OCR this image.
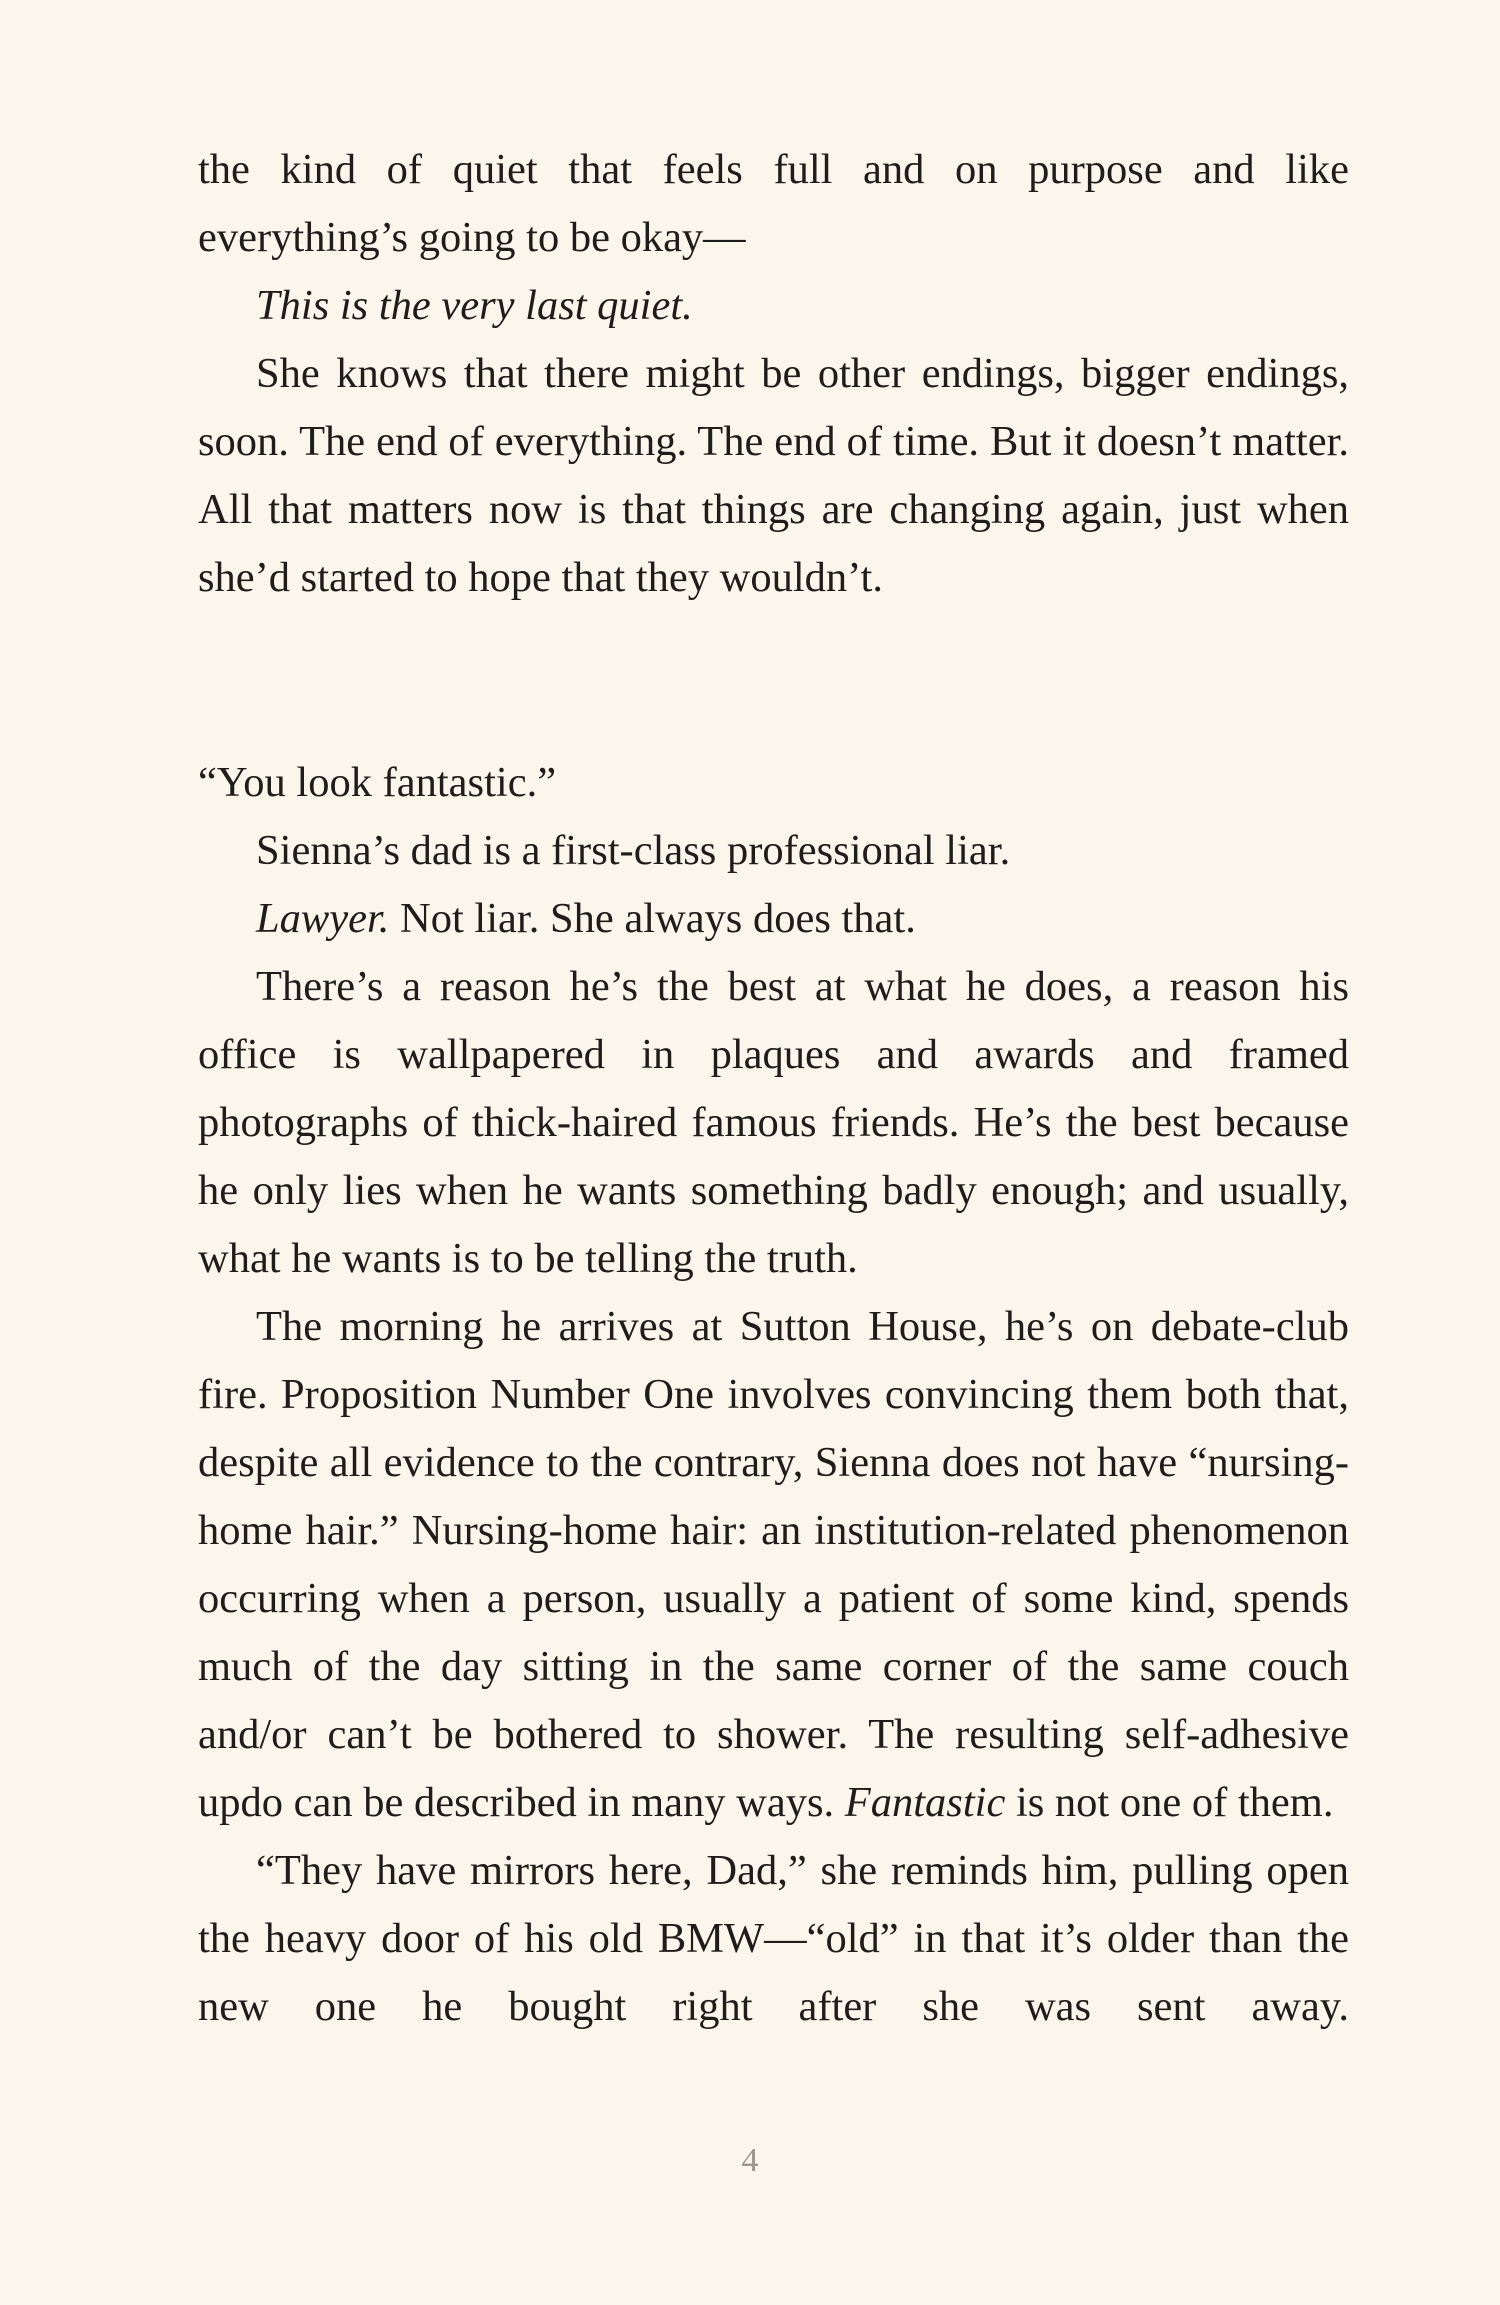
the kind of quiet that feels full and on purpose and like everything’s going to be okay—

This is the very last quiet.

She knows that there might be other endings, bigger endings, soon. The end of everything. The end of time. But it doesn’t matter. All that matters now is that things are changing again, just when she’d started to hope that they wouldn’t.

“You look fantastic.”

Sienna’s dad is a first-class professional liar.

Lawyer. Not liar. She always does that.

There’s a reason he’s the best at what he does, a reason his office is wallpapered in plaques and awards and framed photographs of thick-haired famous friends. He’s the best because he only lies when he wants something badly enough; and usually, what he wants is to be telling the truth.

The morning he arrives at Sutton House, he’s on debate-club fire. Proposition Number One involves convincing them both that, despite all evidence to the contrary, Sienna does not have “nursing-home hair.” Nursing-home hair: an institution-related phenomenon occurring when a person, usually a patient of some kind, spends much of the day sitting in the same corner of the same couch and/or can’t be bothered to shower. The resulting self-adhesive updo can be described in many ways. Fantastic is not one of them.

“They have mirrors here, Dad,” she reminds him, pulling open the heavy door of his old BMW—“old” in that it’s older than the new one he bought right after she was sent away.

4
